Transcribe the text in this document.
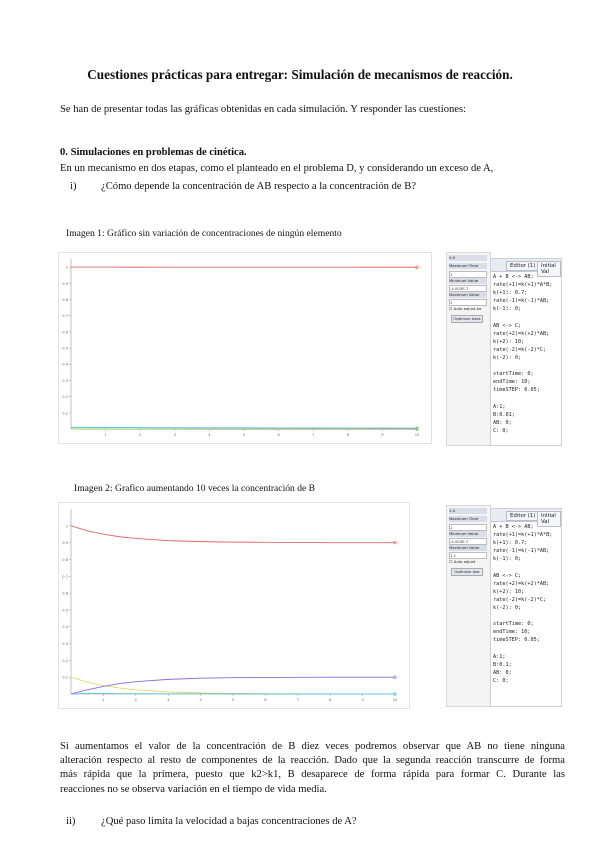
Cuestiones prácticas para entregar: Simulación de mecanismos de reacción.
Se han de presentar todas las gráficas obtenidas en cada simulación. Y responder las cuestiones:
0. Simulaciones en problemas de cinética.
En un mecanismo en dos etapas, como el planteado en el problema D, y considerando un exceso de A,
i) ¿Cómo depende la concentración de AB respecto a la concentración de B?
Imagen 1: Gráfico sin variación de concentraciones de ningún elemento
0.1
0.2
0.3
0.4
0.5
0.6
0.7
0.8
0.9
1
1	2	3	4	5	6	7	8	9	10
0.0
Maximum Time
1
Minimum Value
-4.003E-7
Maximum Value
1
☐ Auto adjust Ax
Optimize Axes
Editor (1)	Initial Val
A + B <-> AB;
rate(+1)=k(+1)*A*B;
k(+1): 0.7;
rate(-1)=k(-1)*AB;
k(-1): 0;

AB <-> C;
rate(+2)=k(+2)*AB;
k(+2): 10;
rate(-2)=k(-2)*C;
k(-2): 0;

startTime: 0;
endTime: 10;
timeSTEP: 0.05;

A:1;
B:0.01;
AB: 0;
C: 0;
Imagen 2: Grafico aumentando 10 veces la concentración de B
0.1
0.2
0.3
0.4
0.5
0.6
0.7
0.8
0.9
1
1	2	3	4	5	6	7	8	9	10
1.0
Maximum Time
1
Minimum Value
-4.003E-7
Maximum Value
1.1
☐ Auto adjust
Optimize Axe
Editor (1)	Initial Val
A + B <-> AB;
rate(+1)=k(+1)*A*B;
k(+1): 0.7;
rate(-1)=k(-1)*AB;
k(-1): 0;

AB <-> C;
rate(+2)=k(+2)*AB;
k(+2): 10;
rate(-2)=k(-2)*C;
k(-2): 0;

startTime: 0;
endTime: 10;
timeSTEP: 0.05;

A:1;
B:0.1;
AB: 0;
C: 0;
Si aumentamos el valor de la concentración de B diez veces podremos observar que AB no tiene ninguna
alteración respecto al resto de componentes de la reacción. Dado que la segunda reacción transcurre de forma
más rápida que la primera, puesto que k2>k1, B desaparece de forma rápida para formar C. Durante las
reacciones no se observa variación en el tiempo de vida media.
ii) ¿Qué paso limita la velocidad a bajas concentraciones de A?
